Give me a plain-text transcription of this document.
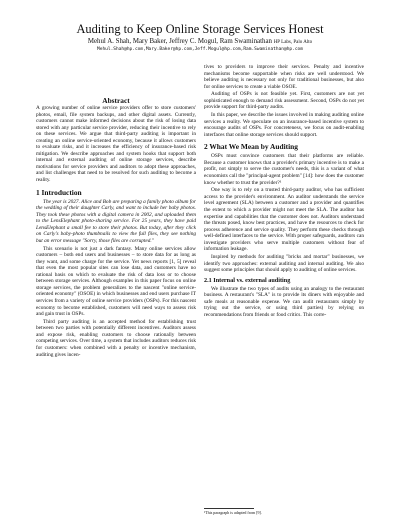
Auditing to Keep Online Storage Services Honest
Mehul A. Shah, Mary Baker, Jeffrey C. Mogul, Ram Swaminathan HP Labs, Palo Alto
Mehul.Shah@hp.com,Mary.Baker@hp.com,Jeff.Mogul@hp.com,Ram.Swaminathan@hp.com
Abstract

A growing number of online service providers offer to store customers' photos, email, file system backups, and other digital assets. Currently, customers cannot make informed decisions about the risk of losing data stored with any particular service provider, reducing their incentive to rely on these services. We argue that third-party auditing is important in creating an online service-oriented economy, because it allows customers to evaluate risks, and it increases the efficiency of insurance-based risk mitigation. We describe approaches and system hooks that support both internal and external auditing of online storage services, describe motivations for service providers and auditors to adopt these approaches, and list challenges that need to be resolved for such auditing to become a reality.

1 Introduction

The year is 2027. Alice and Bob are preparing a family photo album for the wedding of their daughter Carly, and want to include her baby photos. They took these photos with a digital camera in 2002, and uploaded them to the LensElephant photo-sharing service. For 25 years, they have paid LensElephant a small fee to store their photos. But today, after they click on Carly's baby-photo thumbnails to view the full files, they see nothing but an error message "Sorry, those files are corrupted."

This scenario is not just a dark fantasy. Many online services allow customers – both end users and businesses – to store data for as long as they want, and some charge for the service. Yet news reports [1, 5] reveal that even the most popular sites can lose data, and customers have no rational basis on which to evaluate the risk of data loss or to choose between storage services. Although examples in this paper focus on online storage services, the problem generalizes to the nascent "online service-oriented economy" (OSOE) in which businesses and end users purchase IT services from a variety of online service providers (OSPs). For this nascent economy to become established, customers will need ways to assess risk and gain trust in OSPs.

Third party auditing is an accepted method for establishing trust between two parties with potentially different incentives. Auditors assess and expose risk, enabling customers to choose rationally between competing services. Over time, a system that includes auditors reduces risk for customers: when combined with a penalty or incentive mechanism, auditing gives incen-

tives to providers to improve their services. Penalty and incentive mechanisms become supportable when risks are well understood. We believe auditing is necessary not only for traditional businesses, but also for online services to create a viable OSOE.

Auditing of OSPs is not feasible yet. First, customers are not yet sophisticated enough to demand risk assessment. Second, OSPs do not yet provide support for third-party audits.

In this paper, we describe the issues involved in making auditing online services a reality. We speculate on an insurance-based incentive system to encourage audits of OSPs. For concreteness, we focus on audit-enabling interfaces that online storage services should support.

2 What We Mean by Auditing

OSPs must convince customers that their platforms are reliable. Because a customer knows that a provider's primary incentive is to make a profit, not simply to serve the customer's needs, this is a variant of what economists call the "principal-agent problem" [14]: how does the customer know whether to trust the provider?¹

One way is to rely on a trusted third-party auditor, who has sufficient access to the provider's environment. An auditor understands the service level agreement (SLA) between a customer and a provider and quantifies the extent to which a provider might not meet the SLA. The auditor has expertise and capabilities that the customer does not. Auditors understand the threats posed, know best practices, and have the resources to check for process adherence and service quality. They perform these checks through well-defined interfaces to the service. With proper safeguards, auditors can investigate providers who serve multiple customers without fear of information leakage.

Inspired by methods for auditing "bricks and mortar" businesses, we identify two approaches: external auditing and internal auditing. We also suggest some principles that should apply to auditing of online services.

2.1 Internal vs. external auditing

We illustrate the two types of audits using an analogy to the restaurant business. A restaurant's "SLA" is to provide its diners with enjoyable and safe meals at reasonable expense. We can audit restaurants simply by trying out the service, or using third parties) by relying on recommendations from friends or food critics. This corre-

¹This paragraph is adapted from [9].
